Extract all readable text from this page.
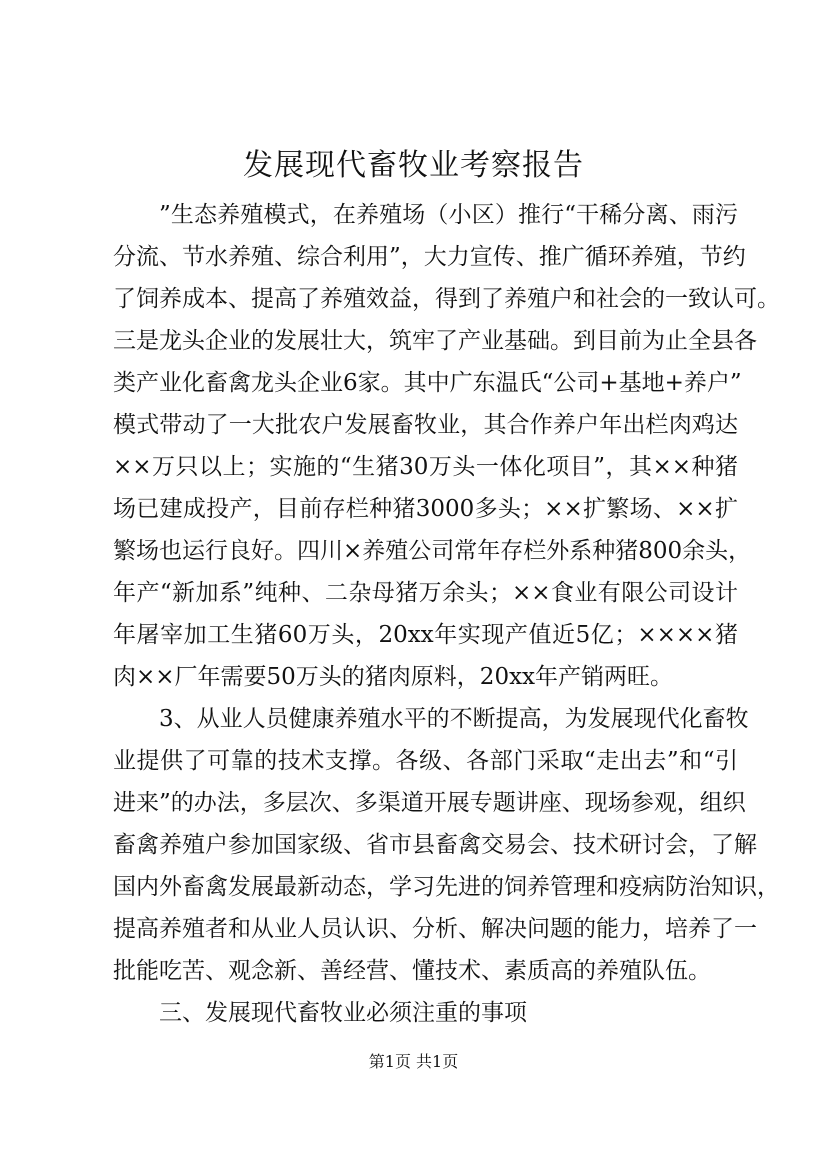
发展现代畜牧业考察报告
”生态养殖模式，在养殖场（小区）推行“干稀分离、雨污
分流、节水养殖、综合利用”，大力宣传、推广循环养殖，节约
了饲养成本、提高了养殖效益，得到了养殖户和社会的一致认可。
三是龙头企业的发展壮大，筑牢了产业基础。到目前为止全县各
类产业化畜禽龙头企业6家。其中广东温氏“公司+基地+养户”
模式带动了一大批农户发展畜牧业，其合作养户年出栏肉鸡达
××万只以上；实施的“生猪30万头一体化项目”，其××种猪
场已建成投产，目前存栏种猪3000多头；××扩繁场、××扩
繁场也运行良好。四川×养殖公司常年存栏外系种猪800余头，
年产“新加系”纯种、二杂母猪万余头；××食业有限公司设计
年屠宰加工生猪60万头，20xx年实现产值近5亿；××××猪
肉××厂年需要50万头的猪肉原料，20xx年产销两旺。
3、从业人员健康养殖水平的不断提高，为发展现代化畜牧
业提供了可靠的技术支撑。各级、各部门采取“走出去”和“引
进来”的办法，多层次、多渠道开展专题讲座、现场参观，组织
畜禽养殖户参加国家级、省市县畜禽交易会、技术研讨会，了解
国内外畜禽发展最新动态，学习先进的饲养管理和疫病防治知识，
提高养殖者和从业人员认识、分析、解决问题的能力，培养了一
批能吃苦、观念新、善经营、懂技术、素质高的养殖队伍。
三、发展现代畜牧业必须注重的事项
第1页 共1页
